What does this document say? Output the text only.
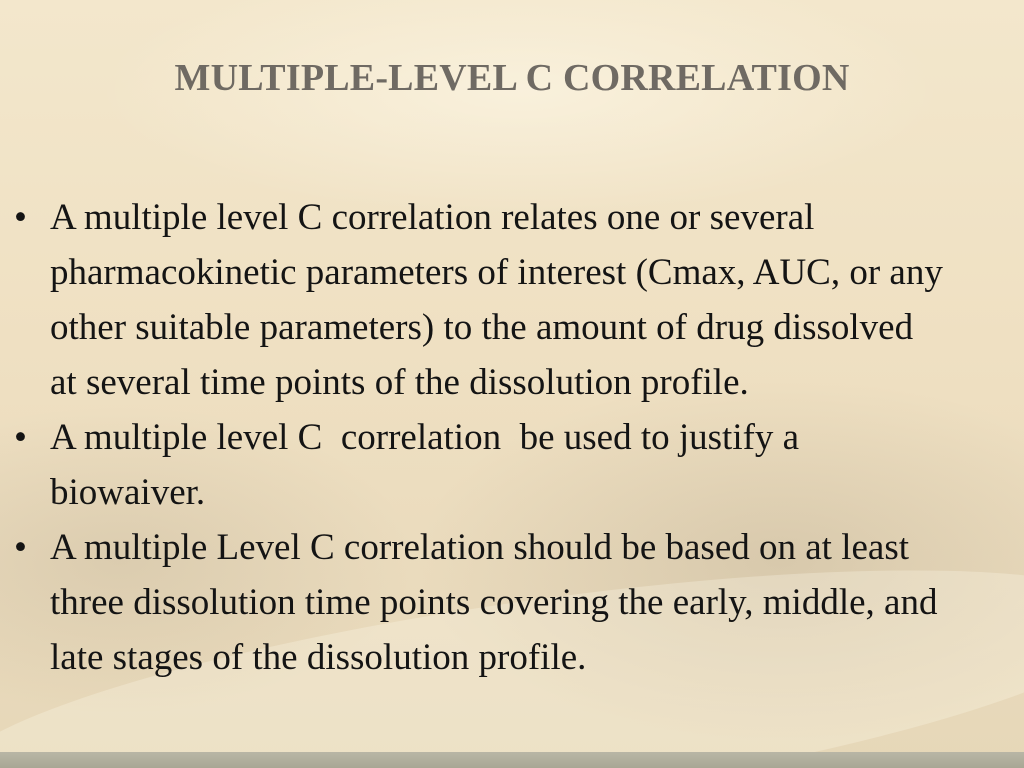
MULTIPLE-LEVEL C CORRELATION
• A multiple level C correlation relates one or several
pharmacokinetic parameters of interest (Cmax, AUC, or any
other suitable parameters) to the amount of drug dissolved
at several time points of the dissolution profile.
• A multiple level C  correlation  be used to justify a
biowaiver.
• A multiple Level C correlation should be based on at least
three dissolution time points covering the early, middle, and
late stages of the dissolution profile.
